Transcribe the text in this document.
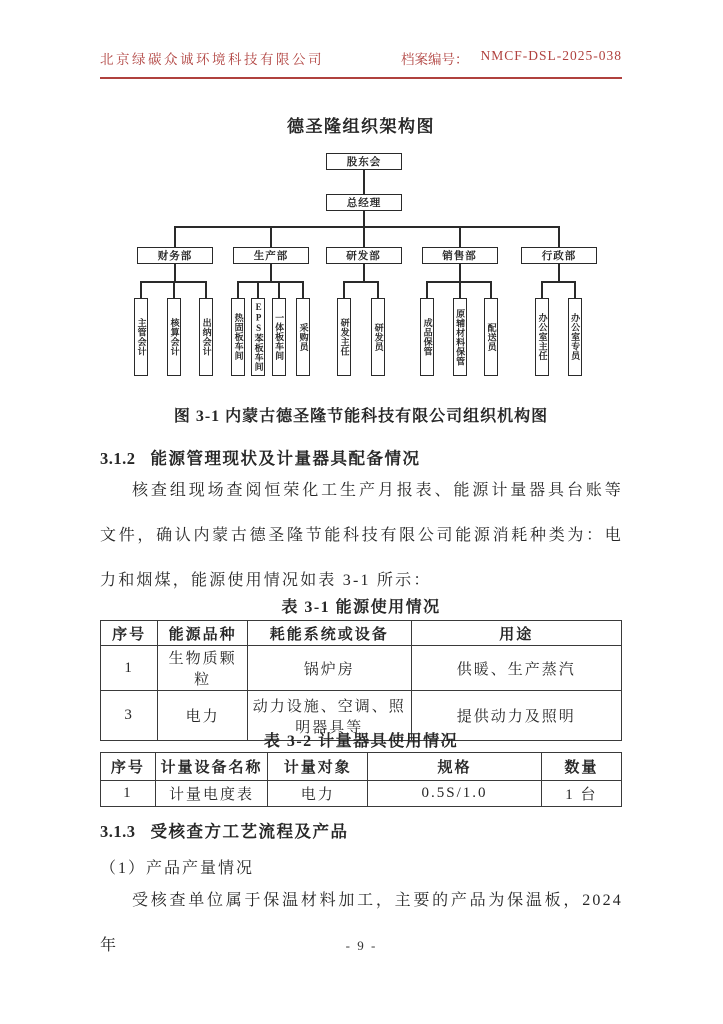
北京绿碳众诚环境科技有限公司	档案编号： NMCF-DSL-2025-038
德圣隆组织架构图
股东会
总经理
财务部
主管会计	核算会计 出纳会计
生产部
热固板车间 EPS苯板车间 一体板车间 采购员
研发部
研发主任	研发员
销售部
成品保管	原辅材料保管 配送员
行政部
办公室主任	办公室专员
图 3-1 内蒙古德圣隆节能科技有限公司组织机构图
3.1.2 能源管理现状及计量器具配备情况
核查组现场查阅恒荣化工生产月报表、能源计量器具台账等文件，确认内蒙古德圣隆节能科技有限公司能源消耗种类为：电力和烟煤，能源使用情况如表 3-1 所示：
表 3-1 能源使用情况
序号	能源品种	耗能系统或设备	用途
1	生物质颗粒	锅炉房	供暖、生产蒸汽
3	电力	动力设施、空调、照明器具等	提供动力及照明
表 3-2 计量器具使用情况
序号	计量设备名称	计量对象	规格	数量
1	计量电度表	电力	0.5S/1.0	1 台
3.1.3 受核查方工艺流程及产品
（1）产品产量情况
受核查单位属于保温材料加工，主要的产品为保温板，2024 年	- 9 -
